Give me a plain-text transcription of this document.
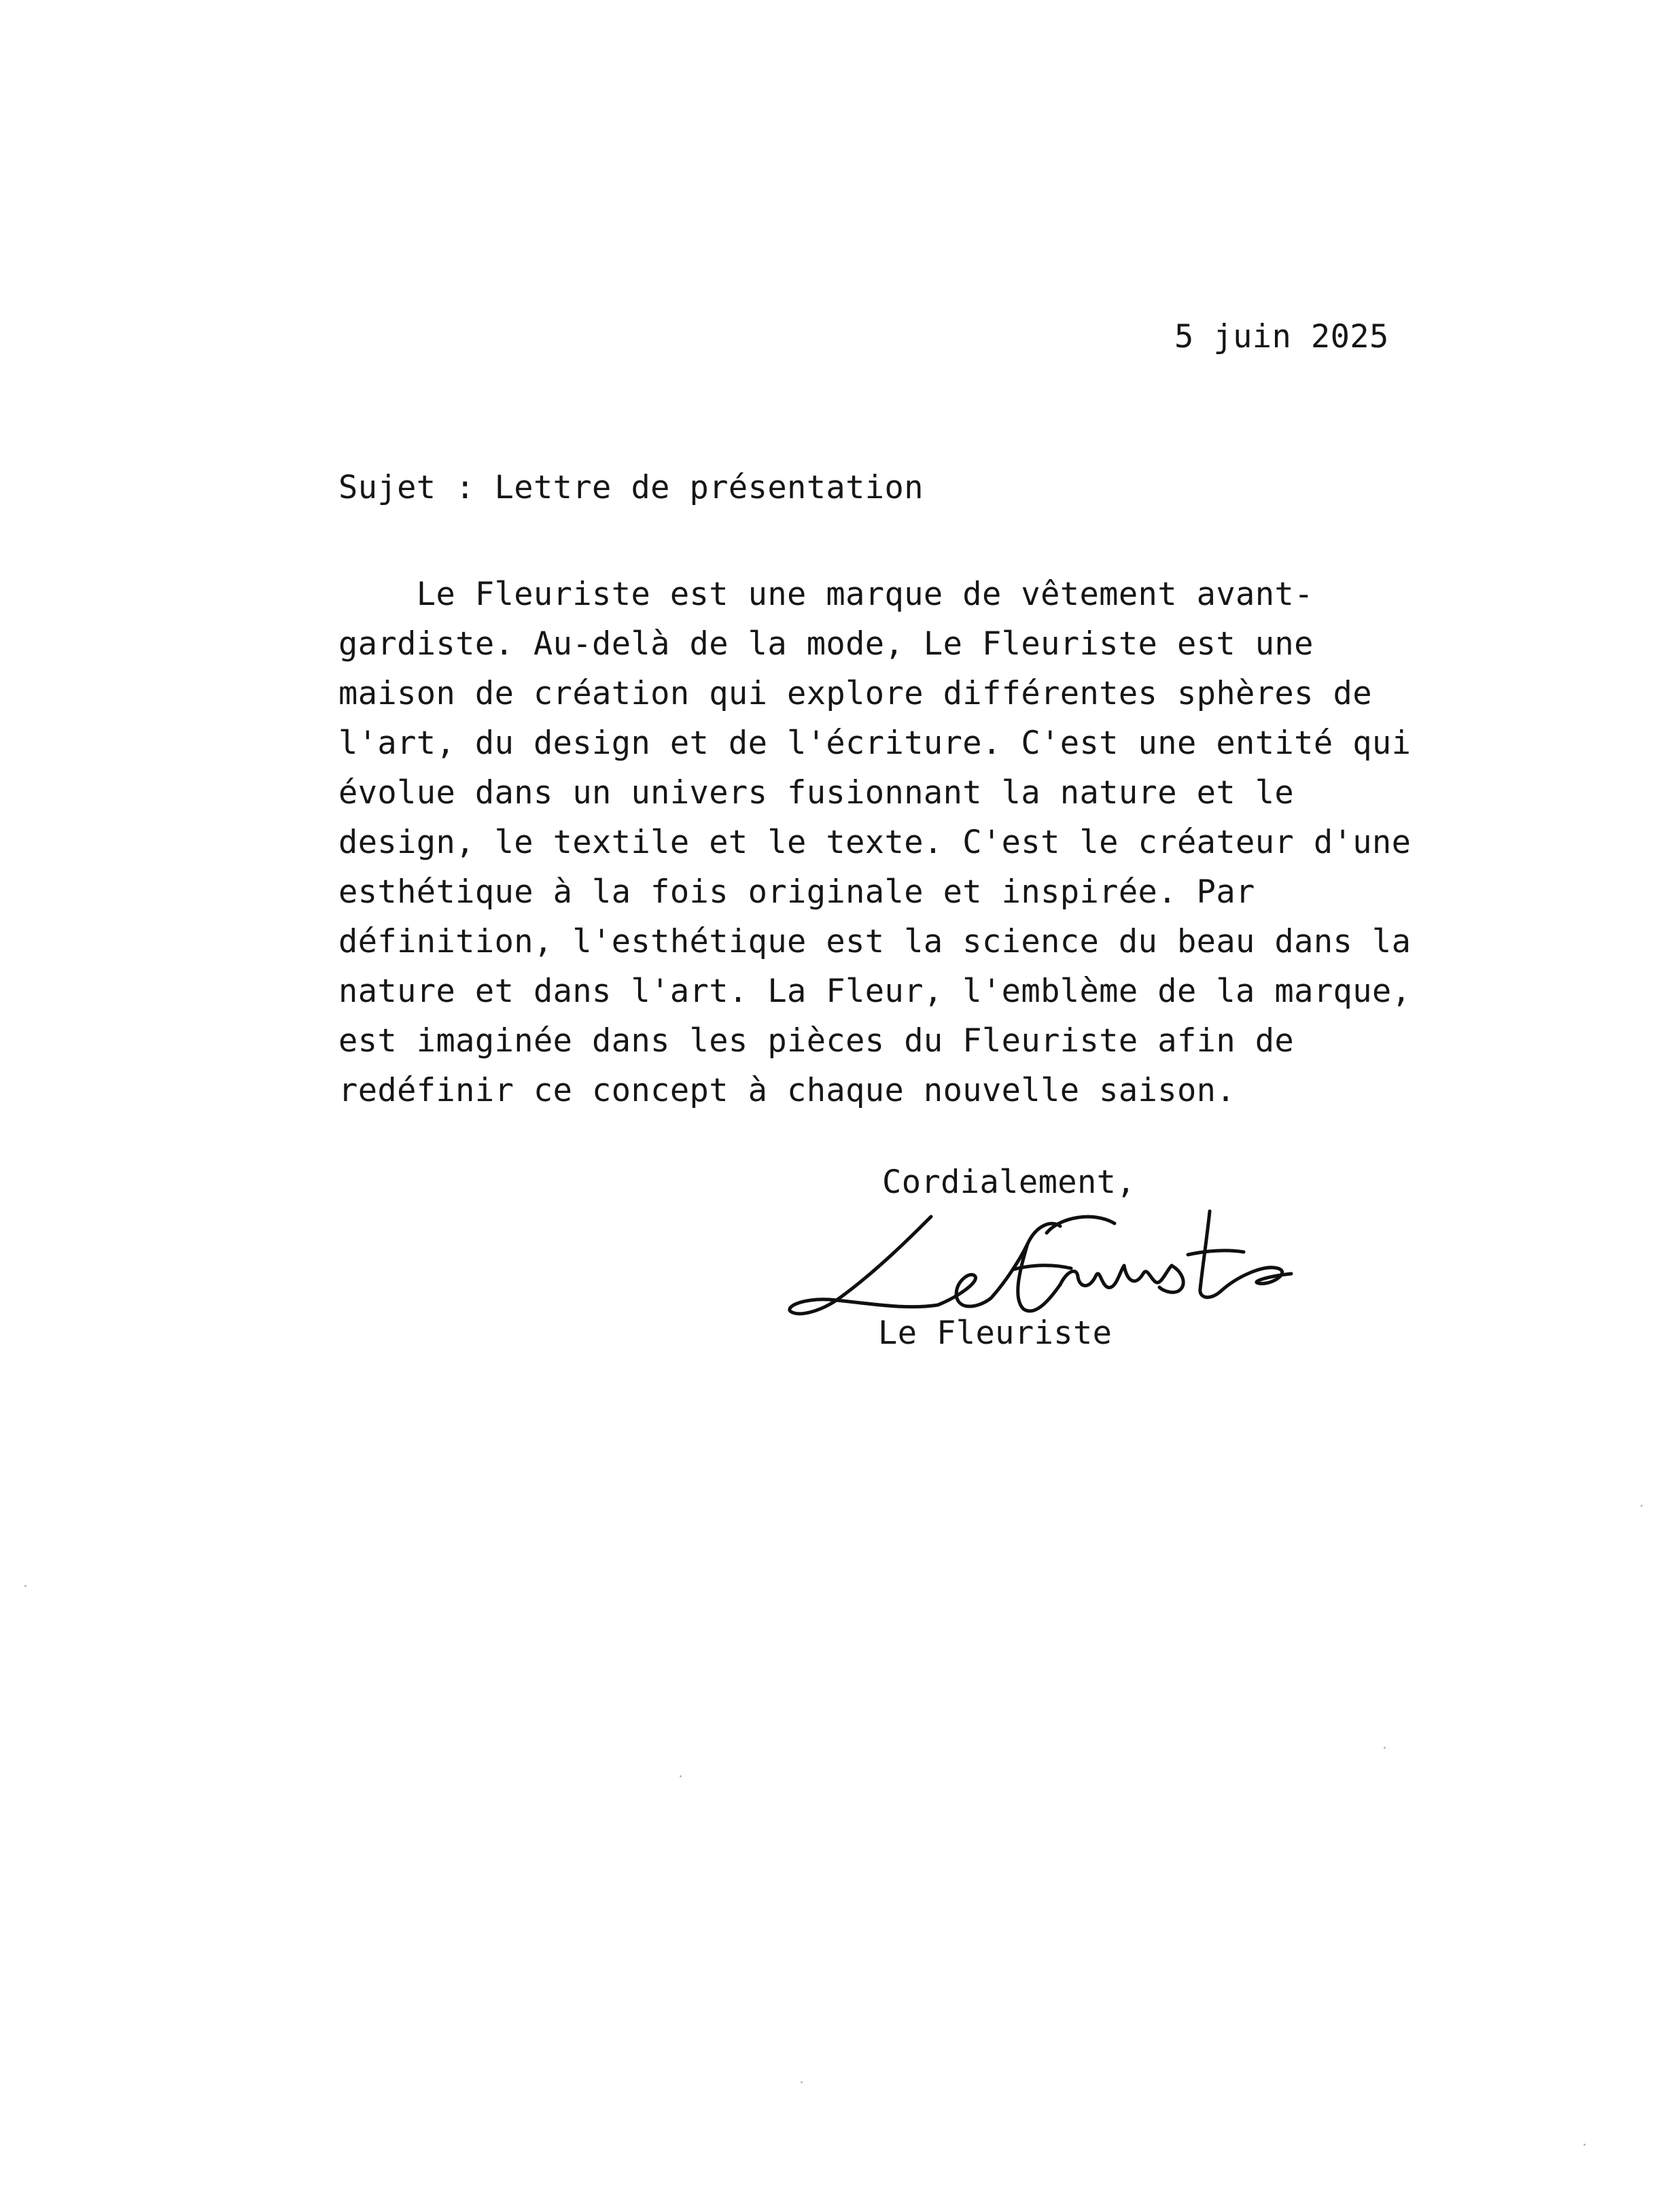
5 juin 2025
Sujet : Lettre de présentation
Le Fleuriste est une marque de vêtement avant-
gardiste. Au-delà de la mode, Le Fleuriste est une
maison de création qui explore différentes sphères de
l'art, du design et de l'écriture. C'est une entité qui
évolue dans un univers fusionnant la nature et le
design, le textile et le texte. C'est le créateur d'une
esthétique à la fois originale et inspirée. Par
définition, l'esthétique est la science du beau dans la
nature et dans l'art. La Fleur, l'emblème de la marque,
est imaginée dans les pièces du Fleuriste afin de
redéfinir ce concept à chaque nouvelle saison.
Cordialement,
Le Fleuriste
